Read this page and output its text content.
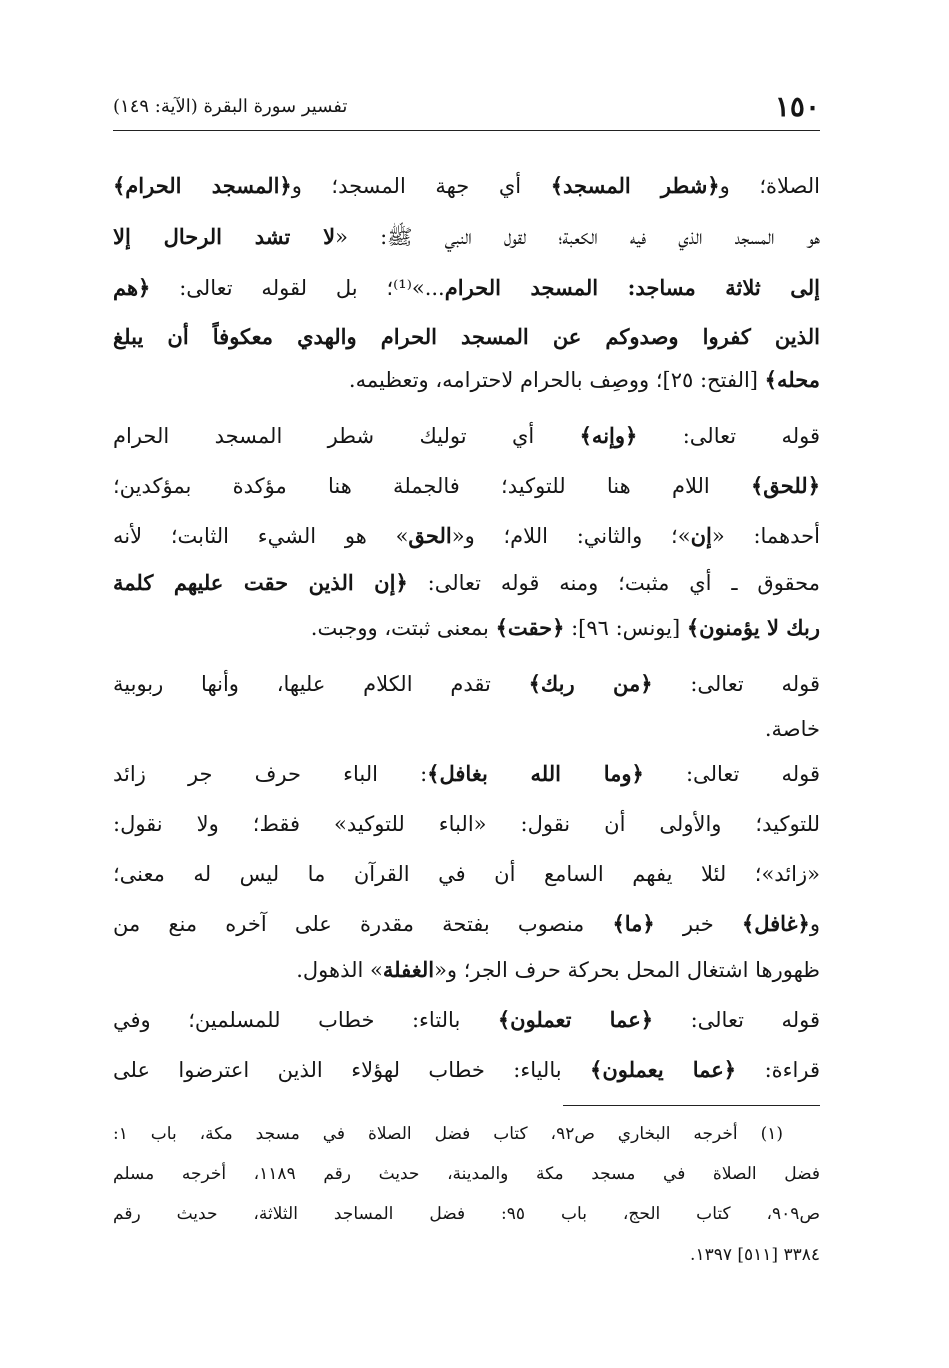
١٥٠
تفسير سورة البقرة (الآية: ١٤٩)
الصلاة؛ و﴿شطر المسجد﴾ أي جهة المسجد؛ و﴿المسجد الحرام﴾
هو المسجد الذي فيه الكعبة؛ لقول النبي ﷺ: «لا تشد الرحال إلا
إلى ثلاثة مساجد: المسجد الحرام...»⁽¹⁾؛ بل لقوله تعالى: ﴿هم
الذين كفروا وصدوكم عن المسجد الحرام والهدي معكوفاً أن يبلغ
محله﴾ [الفتح: ٢٥]؛ ووصِف بالحرام لاحترامه، وتعظيمه.
قوله تعالى: ﴿وإنه﴾ أي توليك شطر المسجد الحرام
﴿للحق﴾ اللام هنا للتوكيد؛ فالجملة هنا مؤكدة بمؤكدين؛
أحدهما: «إن»؛ والثاني: اللام؛ و«الحق» هو الشيء الثابت؛ لأنه
محقوق ـ أي مثبت؛ ومنه قوله تعالى: ﴿إن الذين حقت عليهم كلمة
ربك لا يؤمنون﴾ [يونس: ٩٦]: ﴿حقت﴾ بمعنى ثبتت، ووجبت.
قوله تعالى: ﴿من ربك﴾ تقدم الكلام عليها، وأنها ربوبية
خاصة.
قوله تعالى: ﴿وما الله بغافل﴾: الباء حرف جر زائد
للتوكيد؛ والأولى أن نقول: «الباء للتوكيد» فقط؛ ولا نقول:
«زائد»؛ لئلا يفهم السامع أن في القرآن ما ليس له معنى؛
و﴿غافل﴾ خبر ﴿ما﴾ منصوب بفتحة مقدرة على آخره منع من
ظهورها اشتغال المحل بحركة حرف الجر؛ و«الغفلة» الذهول.
قوله تعالى: ﴿عما تعملون﴾ بالتاء: خطاب للمسلمين؛ وفي
قراءة: ﴿عما يعملون﴾ بالياء: خطاب لهؤلاء الذين اعترضوا على
(١) أخرجه البخاري ص٩٢، كتاب فضل الصلاة في مسجد مكة، باب ١:
فضل الصلاة في مسجد مكة والمدينة، حديث رقم ١١٨٩، أخرجه مسلم
ص٩٠٩، كتاب الحج، باب ٩٥: فضل المساجد الثلاثة، حديث رقم
٣٣٨٤ [٥١١] ١٣٩٧.
